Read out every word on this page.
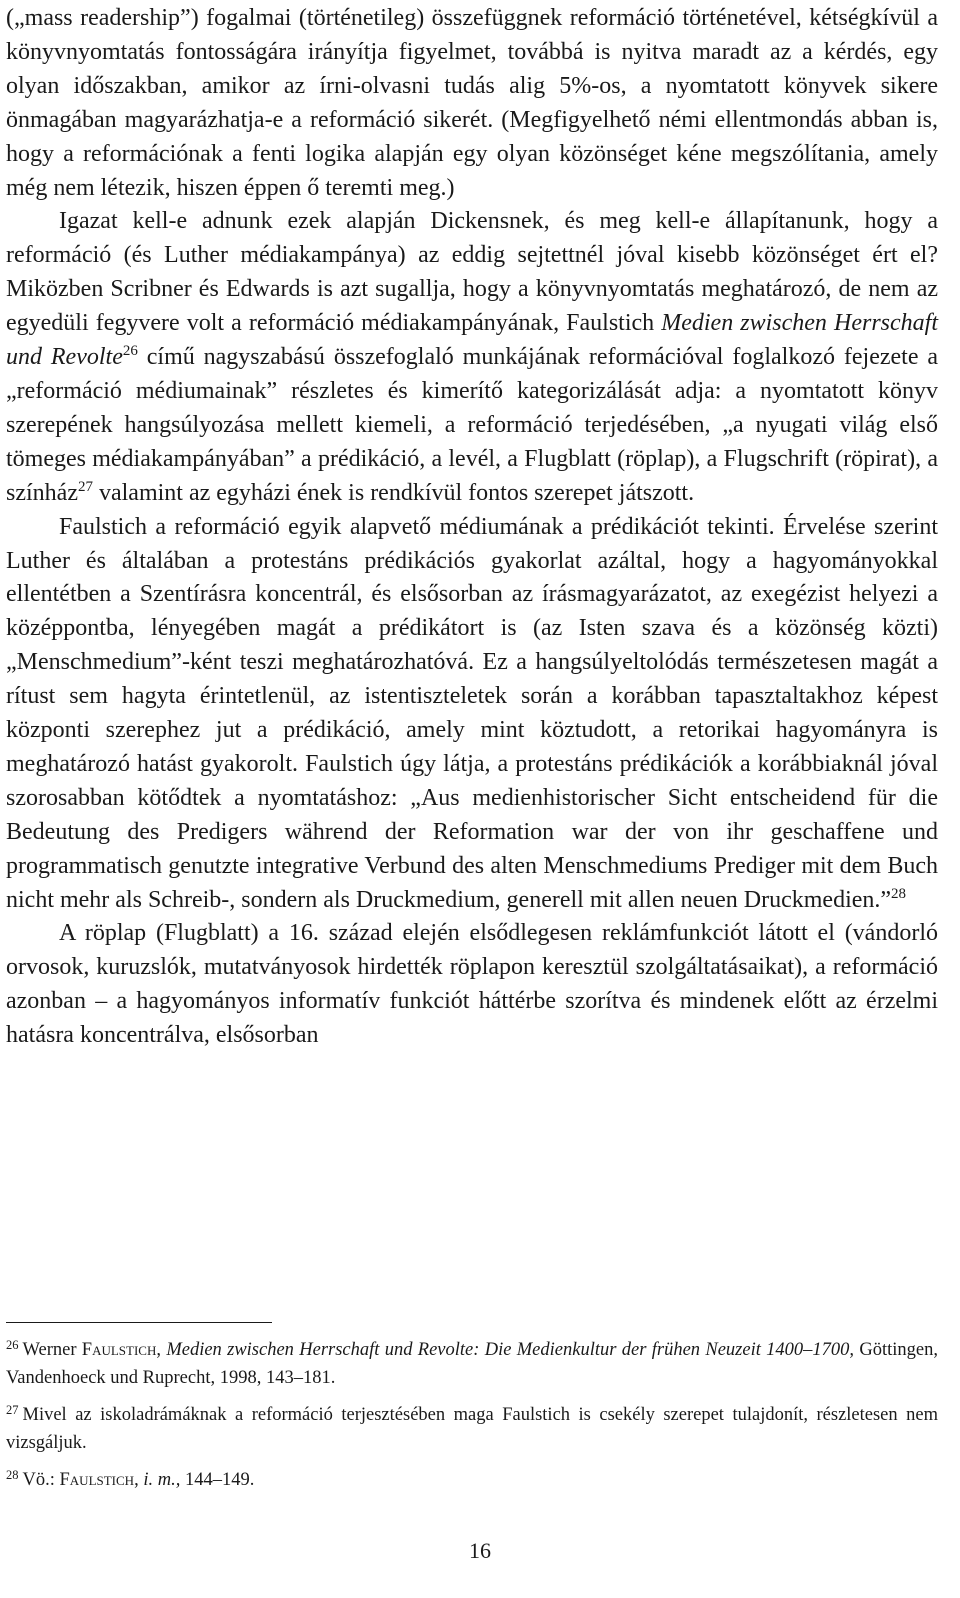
(„mass readership”) fogalmai (történetileg) összefüggnek reformáció történetével, kétségkívül a könyvnyomtatás fontosságára irányítja figyelmet, továbbá is nyitva maradt az a kérdés, egy olyan időszakban, amikor az írni-olvasni tudás alig 5%-os, a nyomtatott könyvek sikere önmagában magyarázhatja-e a reformáció sikerét. (Megfigyelhető némi ellentmondás abban is, hogy a reformációnak a fenti logika alapján egy olyan közönséget kéne megszólítania, amely még nem létezik, hiszen éppen ő teremti meg.)

Igazat kell-e adnunk ezek alapján Dickensnek, és meg kell-e állapítanunk, hogy a reformáció (és Luther médiakampánya) az eddig sejtettnél jóval kisebb közönséget ért el? Miközben Scribner és Edwards is azt sugallja, hogy a könyvnyomtatás meghatározó, de nem az egyedüli fegyvere volt a reformáció médiakampányának, Faulstich Medien zwischen Herrschaft und Revolte$^{26}$ című nagyszabású összefoglaló munkájának reformációval foglalkozó fejezete a „reformáció médiumainak” részletes és kimerítő kategorizálását adja: a nyomtatott könyv szerepének hangsúlyozása mellett kiemeli, a reformáció terjedésében, „a nyugati világ első tömeges médiakampányában” a prédikáció, a levél, a Flugblatt (röplap), a Flugschrift (röpirat), a színház$^{27}$ valamint az egyházi ének is rendkívül fontos szerepet játszott.

Faulstich a reformáció egyik alapvető médiumának a prédikációt tekinti. Érvelése szerint Luther és általában a protestáns prédikációs gyakorlat azáltal, hogy a hagyományokkal ellentétben a Szentírásra koncentrál, és elsősorban az írásmagyarázatot, az exegézist helyezi a középpontba, lényegében magát a prédikátort is (az Isten szava és a közönség közti) „Menschmedium”-ként teszi meghatározhatóvá. Ez a hangsúlyeltolódás természetesen magát a rítust sem hagyta érintetlenül, az istentiszteletek során a korábban tapasztaltakhoz képest központi szerephez jut a prédikáció, amely mint köztudott, a retorikai hagyományra is meghatározó hatást gyakorolt. Faulstich úgy látja, a protestáns prédikációk a korábbiaknál jóval szorosabban kötődtek a nyomtatáshoz: „Aus medienhistorischer Sicht entscheidend für die Bedeutung des Predigers während der Reformation war der von ihr geschaffene und programmatisch genutzte integrative Verbund des alten Menschmediums Prediger mit dem Buch nicht mehr als Schreib-, sondern als Druckmedium, generell mit allen neuen Druckmedien.”$^{28}$

A röplap (Flugblatt) a 16. század elején elsődlegesen reklámfunkciót látott el (vándorló orvosok, kuruzslók, mutatványosok hirdették röplapon keresztül szolgáltatásaikat), a reformáció azonban – a hagyományos informatív funkciót háttérbe szorítva és mindenek előtt az érzelmi hatásra koncentrálva, elsősorban

$^{26}$ Werner Faulstich, Medien zwischen Herrschaft und Revolte: Die Medienkultur der frühen Neuzeit 1400–1700, Göttingen, Vandenhoeck und Ruprecht, 1998, 143–181.

$^{27}$ Mivel az iskoladrámáknak a reformáció terjesztésében maga Faulstich is csekély szerepet tulajdonít, részletesen nem vizsgáljuk.

$^{28}$ Vö.: Faulstich, i. m., 144–149.

16
